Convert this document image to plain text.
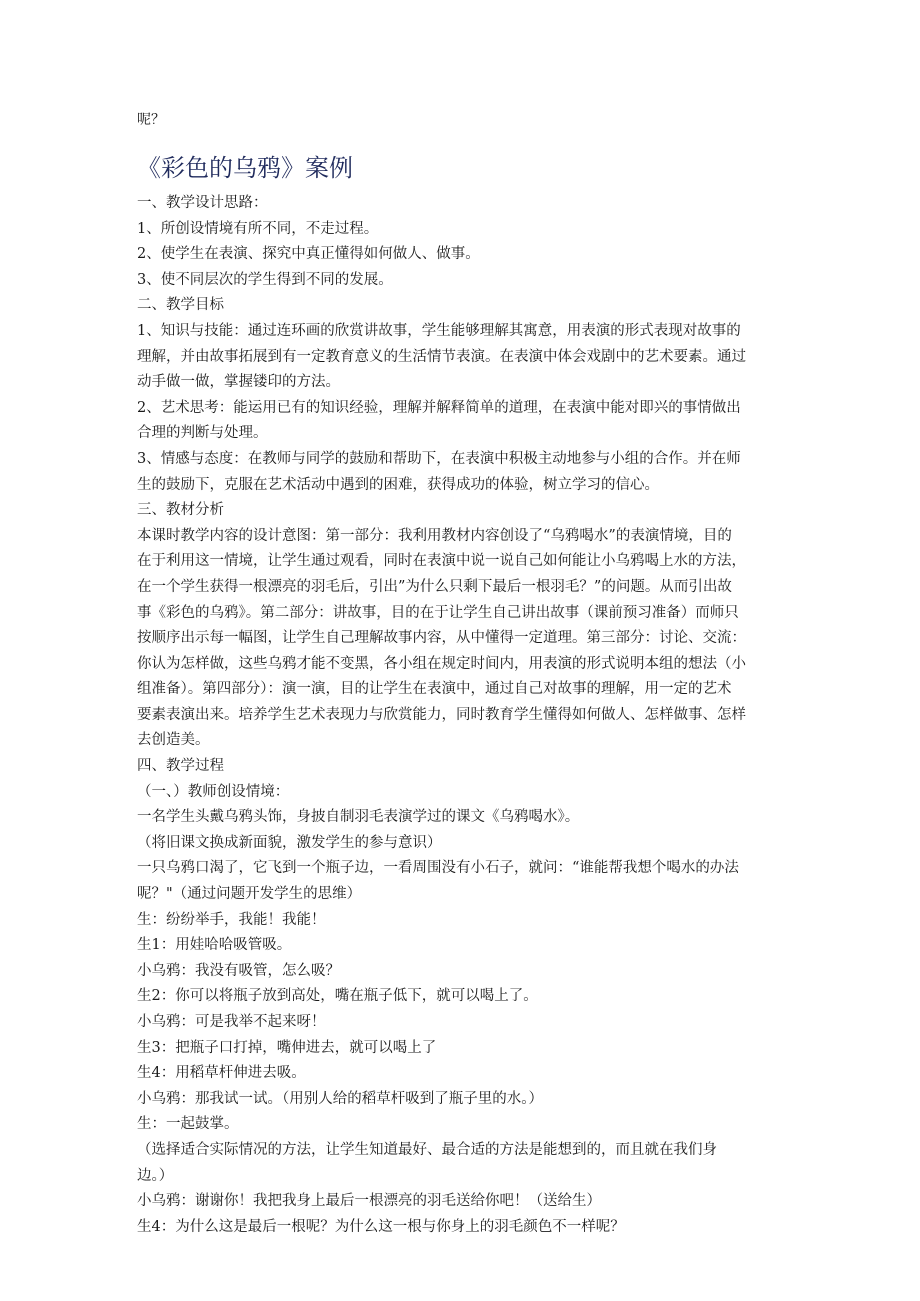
呢？
《彩色的乌鸦》案例

一、教学设计思路：

1、所创设情境有所不同，不走过程。

2、使学生在表演、探究中真正懂得如何做人、做事。

3、使不同层次的学生得到不同的发展。

二、教学目标

1、知识与技能：通过连环画的欣赏讲故事，学生能够理解其寓意，用表演的形式表现对故事的

理解，并由故事拓展到有一定教育意义的生活情节表演。在表演中体会戏剧中的艺术要素。通过

动手做一做，掌握镂印的方法。

2、艺术思考：能运用已有的知识经验，理解并解释简单的道理，在表演中能对即兴的事情做出

合理的判断与处理。

3、情感与态度：在教师与同学的鼓励和帮助下，在表演中积极主动地参与小组的合作。并在师

生的鼓励下，克服在艺术活动中遇到的困难，获得成功的体验，树立学习的信心。

三、教材分析

本课时教学内容的设计意图：第一部分：我利用教材内容创设了“乌鸦喝水”的表演情境，目的

在于利用这一情境，让学生通过观看，同时在表演中说一说自己如何能让小乌鸦喝上水的方法，

在一个学生获得一根漂亮的羽毛后，引出”为什么只剩下最后一根羽毛？”的问题。从而引出故

事《彩色的乌鸦》。第二部分：讲故事，目的在于让学生自己讲出故事（课前预习准备）而师只

按顺序出示每一幅图，让学生自己理解故事内容，从中懂得一定道理。第三部分：讨论、交流：

你认为怎样做，这些乌鸦才能不变黑，各小组在规定时间内，用表演的形式说明本组的想法（小

组准备）。第四部分）：演一演，目的让学生在表演中，通过自己对故事的理解，用一定的艺术

要素表演出来。培养学生艺术表现力与欣赏能力，同时教育学生懂得如何做人、怎样做事、怎样

去创造美。

四、教学过程

（一、）教师创设情境：

一名学生头戴乌鸦头饰，身披自制羽毛表演学过的课文《乌鸦喝水》。

（将旧课文换成新面貌，激发学生的参与意识）

一只乌鸦口渴了，它飞到一个瓶子边，一看周围没有小石子，就问：“谁能帮我想个喝水的办法

呢？"（通过问题开发学生的思维）

生：纷纷举手，我能！我能！

生1：用娃哈哈吸管吸。

小乌鸦：我没有吸管，怎么吸？

生2：你可以将瓶子放到高处，嘴在瓶子低下，就可以喝上了。

小乌鸦：可是我举不起来呀！

生3：把瓶子口打掉，嘴伸进去，就可以喝上了

生4：用稻草杆伸进去吸。

小乌鸦：那我试一试。（用别人给的稻草杆吸到了瓶子里的水。）

生：一起鼓掌。

（选择适合实际情况的方法，让学生知道最好、最合适的方法是能想到的，而且就在我们身

边。）

小乌鸦：谢谢你！我把我身上最后一根漂亮的羽毛送给你吧！（送给生）

生4：为什么这是最后一根呢？为什么这一根与你身上的羽毛颜色不一样呢？
